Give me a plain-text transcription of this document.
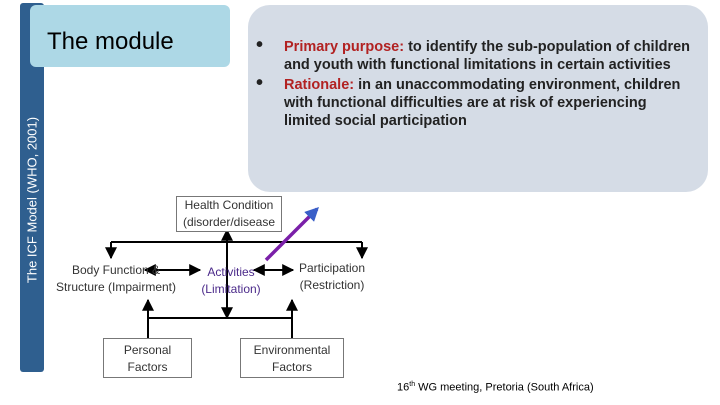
The ICF Model (WHO, 2001)
The module	• Primary purpose: to identify the sub-population of children and youth with functional limitations in certain activities
• Rationale: in an unaccommodating environment, children with functional difficulties are at risk of experiencing limited social participation
Health Condition
(disorder/disease
Body Function &
Structure (Impairment)
Activities
(Limitation)
Participation
(Restriction)
Personal
Factors
Environmental
Factors
16th WG meeting, Pretoria (South Africa)
